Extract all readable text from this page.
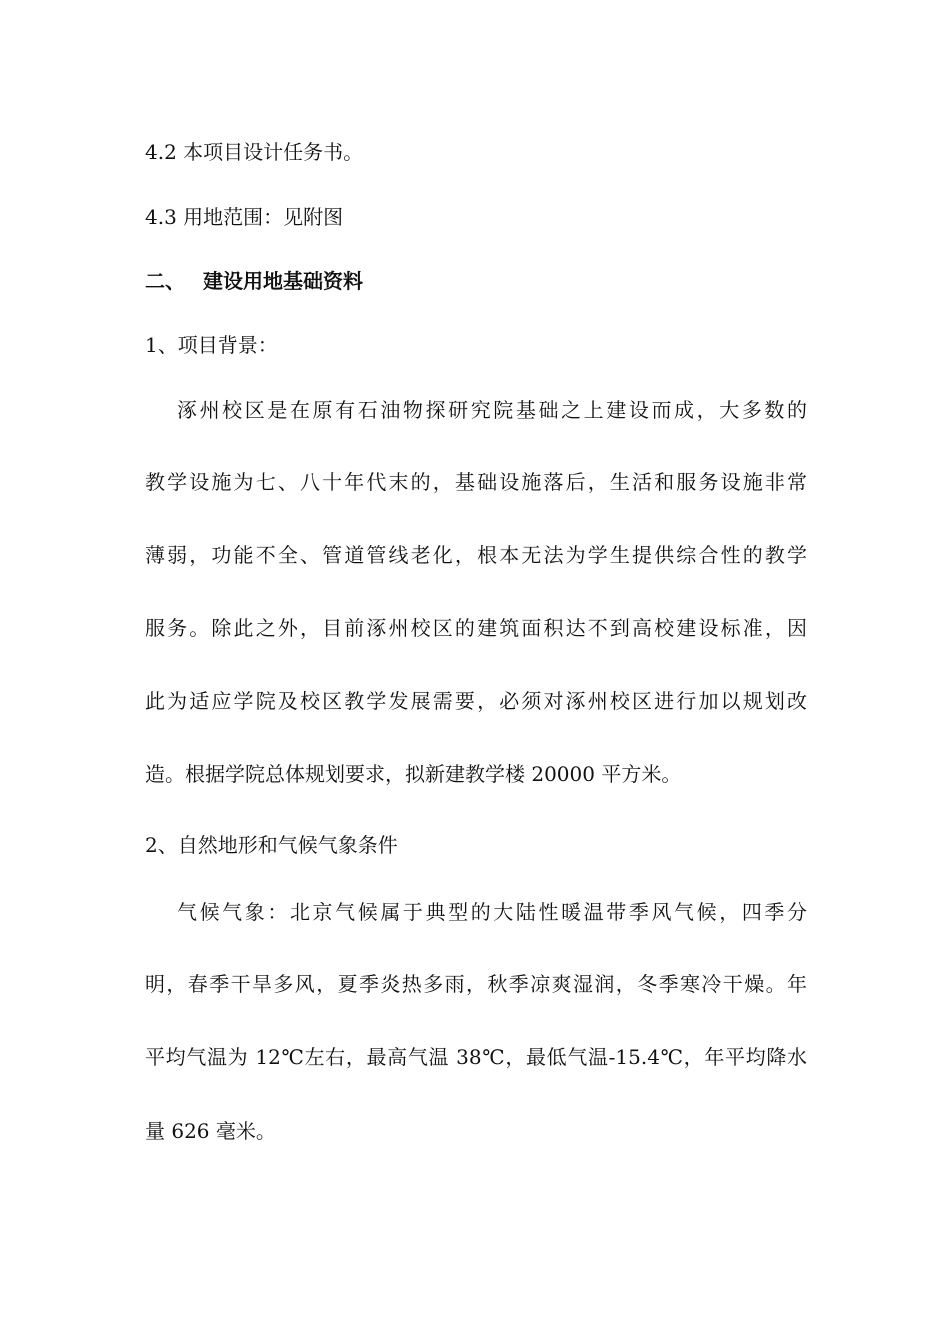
4.2 本项目设计任务书。

4.3 用地范围：见附图

二、 建设用地基础资料

1、项目背景：

涿州校区是在原有石油物探研究院基础之上建设而成，大多数的

教学设施为七、八十年代末的，基础设施落后，生活和服务设施非常

薄弱，功能不全、管道管线老化，根本无法为学生提供综合性的教学

服务。除此之外，目前涿州校区的建筑面积达不到高校建设标准，因

此为适应学院及校区教学发展需要，必须对涿州校区进行加以规划改

造。根据学院总体规划要求，拟新建教学楼 20000 平方米。

2、自然地形和气候气象条件

气候气象：北京气候属于典型的大陆性暖温带季风气候，四季分

明，春季干旱多风，夏季炎热多雨，秋季凉爽湿润，冬季寒冷干燥。年

平均气温为 12℃左右，最高气温 38℃，最低气温-15.4℃，年平均降水

量 626 毫米。
